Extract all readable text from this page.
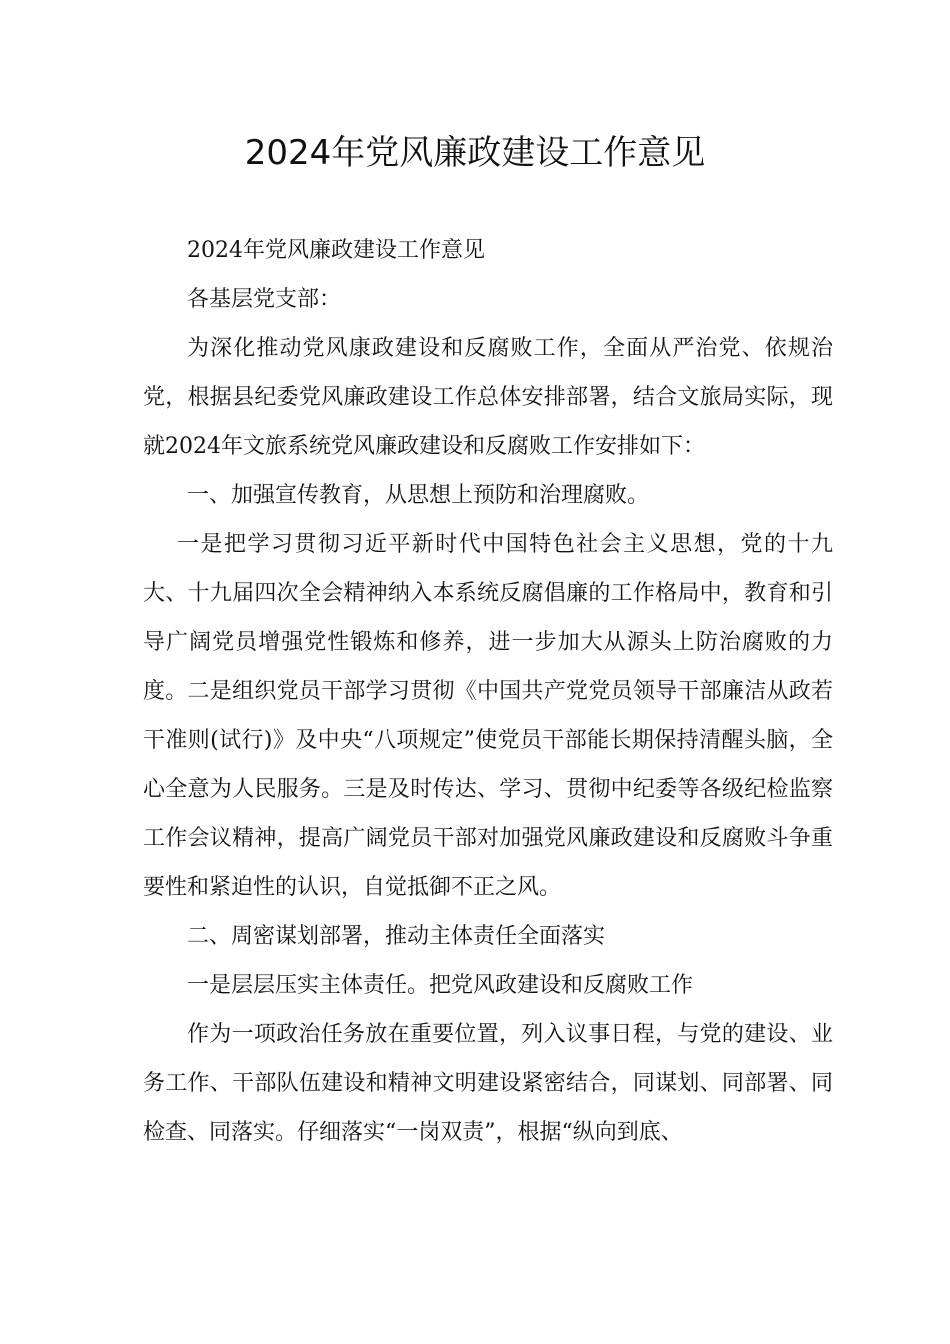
2024年党风廉政建设工作意见

2024年党风廉政建设工作意见

各基层党支部：

为深化推动党风康政建设和反腐败工作，全面从严治党、依规治党，根据县纪委党风廉政建设工作总体安排部署，结合文旅局实际，现就2024年文旅系统党风廉政建设和反腐败工作安排如下：

一、加强宣传教育，从思想上预防和治理腐败。

一是把学习贯彻习近平新时代中国特色社会主义思想，党的十九大、十九届四次全会精神纳入本系统反腐倡廉的工作格局中，教育和引导广阔党员增强党性锻炼和修养，进一步加大从源头上防治腐败的力度。二是组织党员干部学习贯彻《中国共产党党员领导干部廉洁从政若干准则(试行)》及中央“八项规定”使党员干部能长期保持清醒头脑，全心全意为人民服务。三是及时传达、学习、贯彻中纪委等各级纪检监察工作会议精神，提高广阔党员干部对加强党风廉政建设和反腐败斗争重要性和紧迫性的认识，自觉抵御不正之风。

二、周密谋划部署，推动主体责任全面落实

一是层层压实主体责任。把党风政建设和反腐败工作

作为一项政治任务放在重要位置，列入议事日程，与党的建设、业务工作、干部队伍建设和精神文明建设紧密结合，同谋划、同部署、同检查、同落实。仔细落实“一岗双责”，根据“纵向到底、
